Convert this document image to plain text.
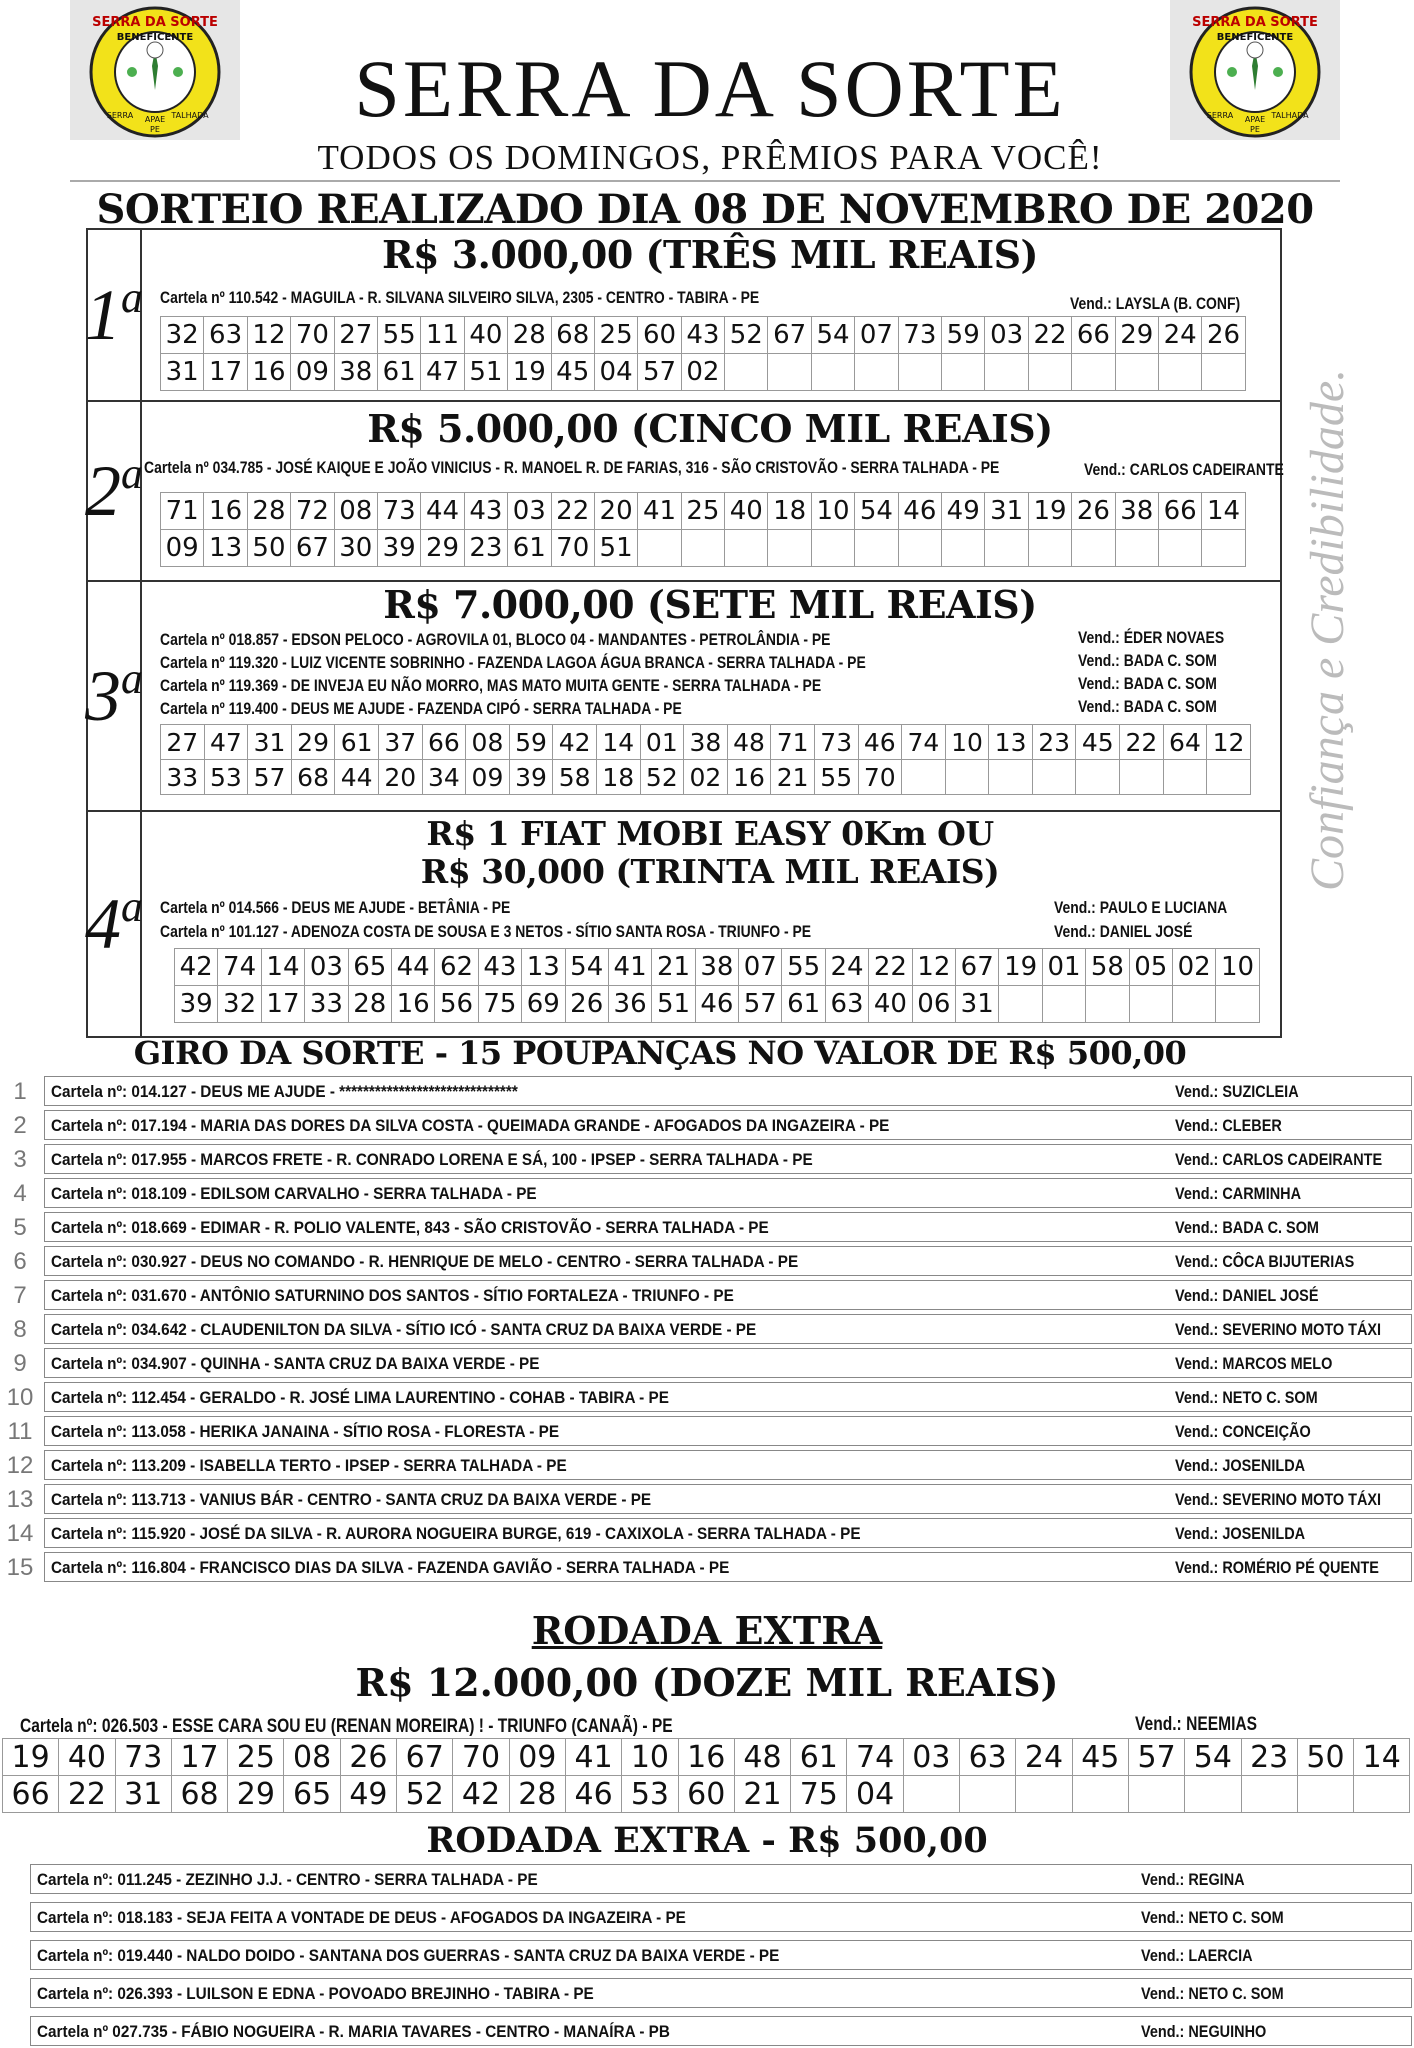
SERRA DA SORTE
BENEFICENTE
SERRA	TALHADA
APAE
PE
SERRA DA SORTE
BENEFICENTE
SERRA	TALHADA
APAE
PE
SERRA DA SORTE
TODOS OS DOMINGOS, PRÊMIOS PARA VOCÊ!
SORTEIO REALIZADO DIA 08 DE NOVEMBRO DE 2020
Confiança e Credibilidade.
1$^a$
R$ 3.000,00 (TRÊS MIL REAIS)
Cartela nº 110.542 - MAGUILA - R. SILVANA SILVEIRO SILVA, 2305 - CENTRO - TABIRA - PE	Vend.: LAYSLA (B. CONF)
32	63	12	70	27	55	11	40	28	68	25	60	43	52	67	54	07	73	59	03	22	66	29	24	26
31	17	16	09	38	61	47	51	19	45	04	57	02												
2$^a$
R$ 5.000,00 (CINCO MIL REAIS)
Cartela nº 034.785 - JOSÉ KAIQUE E JOÃO VINICIUS - R. MANOEL R. DE FARIAS, 316 - SÃO CRISTOVÃO - SERRA TALHADA - PE	Vend.: CARLOS CADEIRANTE
71	16	28	72	08	73	44	43	03	22	20	41	25	40	18	10	54	46	49	31	19	26	38	66	14
09	13	50	67	30	39	29	23	61	70	51														
3$^a$
R$ 7.000,00 (SETE MIL REAIS)
Cartela nº 018.857 - EDSON PELOCO - AGROVILA 01, BLOCO 04 - MANDANTES - PETROLÂNDIA - PE	Vend.: ÉDER NOVAES
Cartela nº 119.320 - LUIZ VICENTE SOBRINHO - FAZENDA LAGOA ÁGUA BRANCA - SERRA TALHADA - PE	Vend.: BADA C. SOM
Cartela nº 119.369 - DE INVEJA EU NÃO MORRO, MAS MATO MUITA GENTE - SERRA TALHADA - PE	Vend.: BADA C. SOM
Cartela nº 119.400 - DEUS ME AJUDE - FAZENDA CIPÓ - SERRA TALHADA - PE	Vend.: BADA C. SOM
27	47	31	29	61	37	66	08	59	42	14	01	38	48	71	73	46	74	10	13	23	45	22	64	12
33	53	57	68	44	20	34	09	39	58	18	52	02	16	21	55	70								
4$^a$
R$ 1 FIAT MOBI EASY 0Km OU
R$ 30,000 (TRINTA MIL REAIS)
Cartela nº 014.566 - DEUS ME AJUDE - BETÂNIA - PE	Vend.: PAULO E LUCIANA
Cartela nº 101.127 - ADENOZA COSTA DE SOUSA E 3 NETOS - SÍTIO SANTA ROSA - TRIUNFO - PE	Vend.: DANIEL JOSÉ
42	74	14	03	65	44	62	43	13	54	41	21	38	07	55	24	22	12	67	19	01	58	05	02	10
39	32	17	33	28	16	56	75	69	26	36	51	46	57	61	63	40	06	31						
GIRO DA SORTE - 15 POUPANÇAS NO VALOR DE R$ 500,00
1	Cartela nº: 014.127 - DEUS ME AJUDE - ******************************	Vend.: SUZICLEIA
2	Cartela nº: 017.194 - MARIA DAS DORES DA SILVA COSTA - QUEIMADA GRANDE - AFOGADOS DA INGAZEIRA - PE	Vend.: CLEBER
3	Cartela nº: 017.955 - MARCOS FRETE - R. CONRADO LORENA E SÁ, 100 - IPSEP - SERRA TALHADA - PE	Vend.: CARLOS CADEIRANTE
4	Cartela nº: 018.109 - EDILSOM CARVALHO - SERRA TALHADA - PE	Vend.: CARMINHA
5	Cartela nº: 018.669 - EDIMAR - R. POLIO VALENTE, 843 - SÃO CRISTOVÃO - SERRA TALHADA - PE	Vend.: BADA C. SOM
6	Cartela nº: 030.927 - DEUS NO COMANDO - R. HENRIQUE DE MELO - CENTRO - SERRA TALHADA - PE	Vend.: CÔCA BIJUTERIAS
7	Cartela nº: 031.670 - ANTÔNIO SATURNINO DOS SANTOS - SÍTIO FORTALEZA - TRIUNFO - PE	Vend.: DANIEL JOSÉ
8	Cartela nº: 034.642 - CLAUDENILTON DA SILVA - SÍTIO ICÓ - SANTA CRUZ DA BAIXA VERDE - PE	Vend.: SEVERINO MOTO TÁXI
9	Cartela nº: 034.907 - QUINHA - SANTA CRUZ DA BAIXA VERDE - PE	Vend.: MARCOS MELO
10 Cartela nº: 112.454 - GERALDO - R. JOSÉ LIMA LAURENTINO - COHAB - TABIRA - PE	Vend.: NETO C. SOM
11 Cartela nº: 113.058 - HERIKA JANAINA - SÍTIO ROSA - FLORESTA - PE	Vend.: CONCEIÇÃO
12 Cartela nº: 113.209 - ISABELLA TERTO - IPSEP - SERRA TALHADA - PE	Vend.: JOSENILDA
13 Cartela nº: 113.713 - VANIUS BÁR - CENTRO - SANTA CRUZ DA BAIXA VERDE - PE	Vend.: SEVERINO MOTO TÁXI
14 Cartela nº: 115.920 - JOSÉ DA SILVA - R. AURORA NOGUEIRA BURGE, 619 - CAXIXOLA - SERRA TALHADA - PE	Vend.: JOSENILDA
15 Cartela nº: 116.804 - FRANCISCO DIAS DA SILVA - FAZENDA GAVIÃO - SERRA TALHADA - PE	Vend.: ROMÉRIO PÉ QUENTE
RODADA EXTRA
R$ 12.000,00 (DOZE MIL REAIS)
Cartela nº: 026.503 - ESSE CARA SOU EU (RENAN MOREIRA) ! - TRIUNFO (CANAÃ) - PE	Vend.: NEEMIAS
19	40	73	17	25	08	26	67	70	09	41	10	16	48	61	74	03	63	24	45	57	54	23	50	14
66	22	31	68	29	65	49	52	42	28	46	53	60	21	75	04									
RODADA EXTRA - R$ 500,00
Cartela nº: 011.245 - ZEZINHO J.J. - CENTRO - SERRA TALHADA - PE	Vend.: REGINA
Cartela nº: 018.183 - SEJA FEITA A VONTADE DE DEUS - AFOGADOS DA INGAZEIRA - PE	Vend.: NETO C. SOM
Cartela nº: 019.440 - NALDO DOIDO - SANTANA DOS GUERRAS - SANTA CRUZ DA BAIXA VERDE - PE	Vend.: LAERCIA
Cartela nº: 026.393 - LUILSON E EDNA - POVOADO BREJINHO - TABIRA - PE	Vend.: NETO C. SOM
Cartela nº 027.735 - FÁBIO NOGUEIRA - R. MARIA TAVARES - CENTRO - MANAÍRA - PB	Vend.: NEGUINHO
